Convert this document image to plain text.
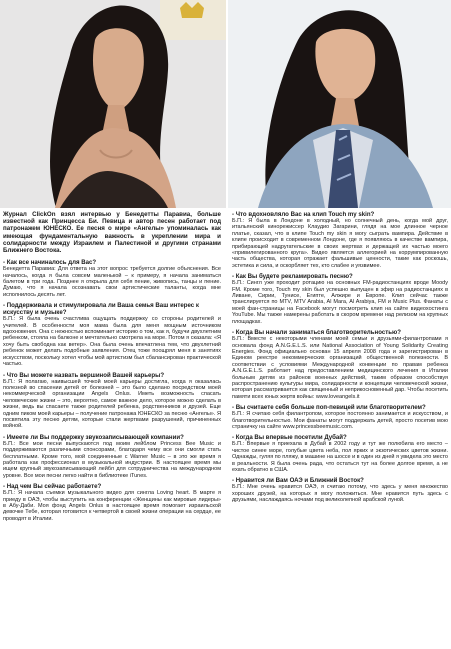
Журнал ClickOn взял интервью у Бенедетты Паравиа, больше известной как Принцесса Би. Певица и автор песен работает под патронажем ЮНЕСКО. Ее песня о мире «Ангелы» упоминалась как имеющая фундаментальную важность в укреплении мира и солидарности между Израилем и Палестиной и другими странами Ближнего Востока.

- Как все начиналось для Вас?

Бенедетта Паравиа: Для ответа на этот вопрос требуется долгие объяснения. Все началось, когда я была совсем маленькой – к примеру, я начала заниматься балетом в три года. Позднее я открыла для себя пение, живопись, танцы и пение. Думаю, что я начала осознавать свои артистические таланты, когда мне исполнилось десять лет.

- Поддерживала и стимулировала ли Вашa семья Ваш интерес к искусству и музыке?

Б.П.: Я была очень счастлива ощущать поддержку со стороны родителей и учителей. В особенности моя мама была для меня мощным источником вдохновения. Она с нежностью вспоминает историю о том, как я, будучи двухлетним ребенком, стояла на балконе и мечтательно смотрела на море. Потом я сказала: «Я хочу быть свободна как ветер». Она была очень впечатлена тем, что двухлетний ребенок может делать подобные заявления. Отец тоже поощрял меня в занятиях искусством, поскольку хотел чтобы мой артистизм был сбалансирован практической частью.

- Что Вы можете назвать вершиной Вашей карьеры?

Б.П.: Я полагаю, наивысшей точкой моей карьеры достигла, когда я оказалась полезной во спасении детей от болезней – это было сделано посредством моей некоммерческой организации Angels Onlus. Иметь возможность спасать человеческие жизни – это, вероятно, самое важное дело, которое можно сделать в жизни, ведь вы спасаете также родителей ребенка, родственников и друзей. Еще одним пиком моей карьеры – получение патронажа ЮНЕСКО за песню «Ангелы». Я посвятила эту песню детям, которые стали жертвами разрушений, причиненных войной.

- Имеете ли Вы поддержку звукозаписывающей компании?

Б.П.: Все мои песни выпускаются под моим лейблом Princess Bee Music и поддерживаются различными спонсорами, благодаря чему все они смогли стать бесплатными. Кроме того, мой соединенные с Warner Music – в это же время я работала как профессионал в музыкальной индустрии. В настоящее время мы ищем крупный звукозаписывающий лейбл для сотрудничества на международном уровне. Все мои песни легко найти в библиотеке iTunes.

- Над чем Вы сейчас работаете?

Б.П.: Я начала съемки музыкального видео для сингла Loving heart. В марте я приеду в ОАЭ, чтобы выступить на конференции «Женщины как мировые лидеры» в Абу-Даби. Моя фонд Angels Onlus в настоящее время помогает израильской девочке Тебе, которая готовится к четвертой в своей жизни операции на сердце, ее проводят в Италии.

- Что вдохновляло Вас на клип Touch my skin?

Б.П.: Я была в Лондоне в холодный, но солнечный день, когда мой друг, итальянский кинорежиссер Клаудио Загарини, глядя на мое длинное черное платье, сказал, что в клипе Touch my skin я могу сыграть вампира. Действие в клипе происходит в современном Лондоне, где я появляюсь в качестве вампира, прибирающей надругательские в своих жертвах и держащей их частью моего «привилегированного круга». Видео является аллегорией на коррумпированную часть общества, которая отражает фальшивые ценности, такие как роскошь, эстетика и сила, и оскорбляет тех, кто слабее и уязвимее.

- Как Вы будете рекламировать песню?

Б.П.: Сингл уже проходит ротацию на основных FM-радиостанциях вроде Moody FM. Кроме того, Touch my skin был успешно выпущен в эфир на радиостанциях в Ливане, Сирии, Тунисе, Египте, Алжире и Европе. Клип сейчас также транслируется по MTV, MTV Arabia, Al Mara, Al Arabiya, FM и Music Plus. Фанаты с моей фан-страницы на Facebook могут посмотреть клип на сайте видеохостинга YouTube. Мы также намерены работать в скором времени над релизом на крупных площадках.

- Когда Вы начали заниматься благотворительностью?

Б.П.: Вместе с некоторыми членами моей семьи и друзьями-филантропами я основала фонд A.N.G.E.L.S. или National Association of Young Solidarity Creating Energies. Фонд официально основан 15 апреля 2008 года и зарегистрирован в Едином реестре некоммерческих организаций общественной полезности. В соответствии с условиями Международной конвенции по правам ребенка A.N.G.E.L.S. работает над предоставлением медицинского лечения в Италии больным детям из районов военных действий, таким образом способствуя распространению культуры мира, солидарности и концепции человеческой жизни, которая рассматривается как священный и неприкосновенный дар. Чтобы посетить памяти всех юных жертв войны: www.loveangels.it

- Вы считаете себя больше поп-певицей или благотворителем?

Б.П.: Я считаю себя филантропом, которое постоянно занимается и искусством, и благотворительностью. Мои фанаты могут поддержать детей, просто посетив мою страничку на сайте www.princessbeemusic.com.

- Когда Вы впервые посетили Дубай?

Б.П.: Впервые я приехала в Дубай в 2002 году и тут же полюбила его место – чистое синее море, голубые цвета неба, пол ярких и экзотических цветов жизни. Однажды, гуляя по пляжу, в машине на шоссе и в один из дней я увидела это место в реальности. Я была очень рада, что остаться тут на более долгое время, а не ехать обратно в США.

- Нравится ли Вам ОАЭ и Ближний Восток?

Б.П.: Мне очень нравится ОАЭ, я считаю потому, что здесь у меня множество хороших друзей, на которых я могу положиться. Мне нравится путь здесь с друзьями, наслаждаясь ночами под великолепной арабской луной.
